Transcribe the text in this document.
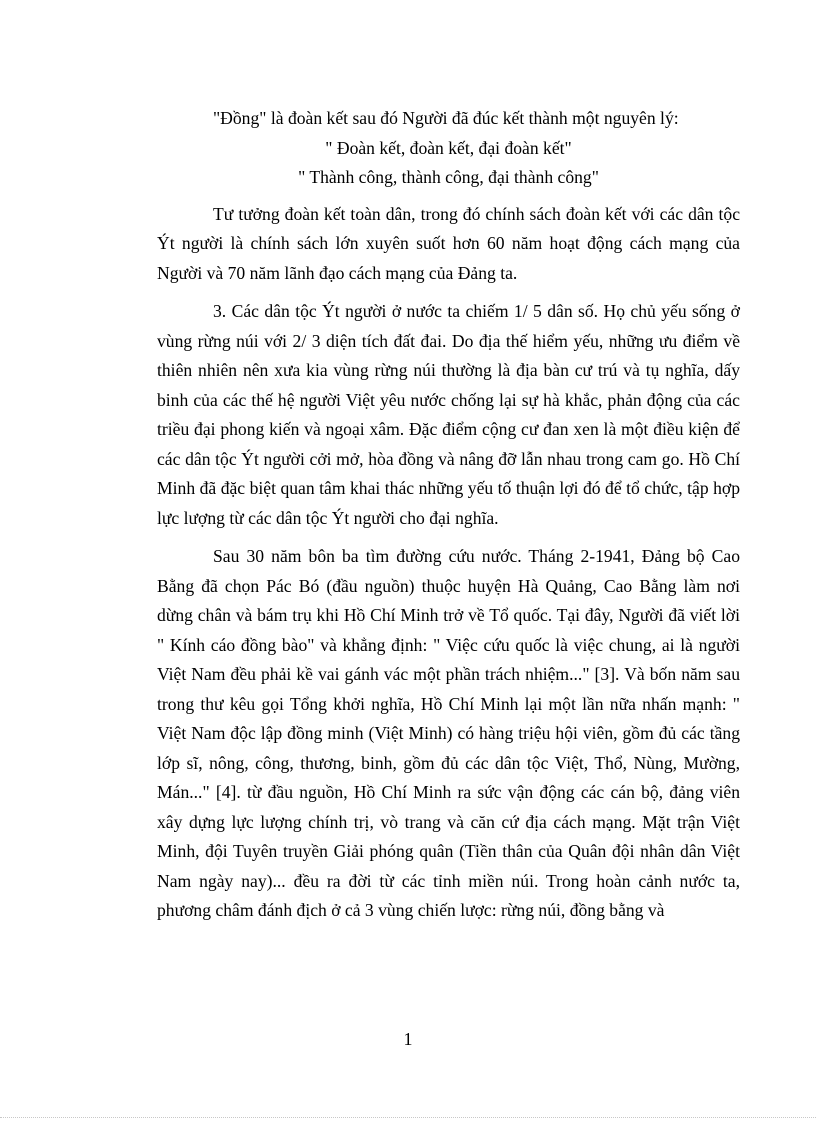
"Đồng" là đoàn kết sau đó Người đã đúc kết thành một nguyên lý:

" Đoàn kết, đoàn kết, đại đoàn kết"

" Thành công, thành công, đại thành công"

Tư tưởng đoàn kết toàn dân, trong đó chính sách đoàn kết với các dân tộc Ýt người là chính sách lớn xuyên suốt hơn 60 năm hoạt động cách mạng của Người và 70 năm lãnh đạo cách mạng của Đảng ta.

3. Các dân tộc Ýt người ở nước ta chiếm 1/ 5 dân số. Họ chủ yếu sống ở vùng rừng núi với 2/ 3 diện tích đất đai. Do địa thế hiểm yếu, những ưu điểm về thiên nhiên nên xưa kia vùng rừng núi thường là địa bàn cư trú và tụ nghĩa, dấy binh của các thế hệ người Việt yêu nước chống lại sự hà khắc, phản động của các triều đại phong kiến và ngoại xâm. Đặc điểm cộng cư đan xen là một điều kiện để các dân tộc Ýt người cởi mở, hòa đồng và nâng đỡ lẫn nhau trong cam go. Hồ Chí Minh đã đặc biệt quan tâm khai thác những yếu tố thuận lợi đó để tổ chức, tập hợp lực lượng từ các dân tộc Ýt người cho đại nghĩa.

Sau 30 năm bôn ba tìm đường cứu nước. Tháng 2-1941, Đảng bộ Cao Bằng đã chọn Pác Bó (đầu nguồn) thuộc huyện Hà Quảng, Cao Bằng làm nơi dừng chân và bám trụ khi Hồ Chí Minh trở về Tổ quốc. Tại đây, Người đã viết lời " Kính cáo đồng bào" và khẳng định: " Việc cứu quốc là việc chung, ai là người Việt Nam đều phải kề vai gánh vác một phần trách nhiệm..." [3]. Và bốn năm sau trong thư kêu gọi Tổng khởi nghĩa, Hồ Chí Minh lại một lần nữa nhấn mạnh: " Việt Nam độc lập đồng minh (Việt Minh) có hàng triệu hội viên, gồm đủ các tầng lớp sĩ, nông, công, thương, binh, gồm đủ các dân tộc Việt, Thổ, Nùng, Mường, Mán..." [4]. từ đầu nguồn, Hồ Chí Minh ra sức vận động các cán bộ, đảng viên xây dựng lực lượng chính trị, vò trang và căn cứ địa cách mạng. Mặt trận Việt Minh, đội Tuyên truyền Giải phóng quân (Tiền thân của Quân đội nhân dân Việt Nam ngày nay)... đều ra đời từ các tỉnh miền núi. Trong hoàn cảnh nước ta, phương châm đánh địch ở cả 3 vùng chiến lược: rừng núi, đồng bằng và

1
